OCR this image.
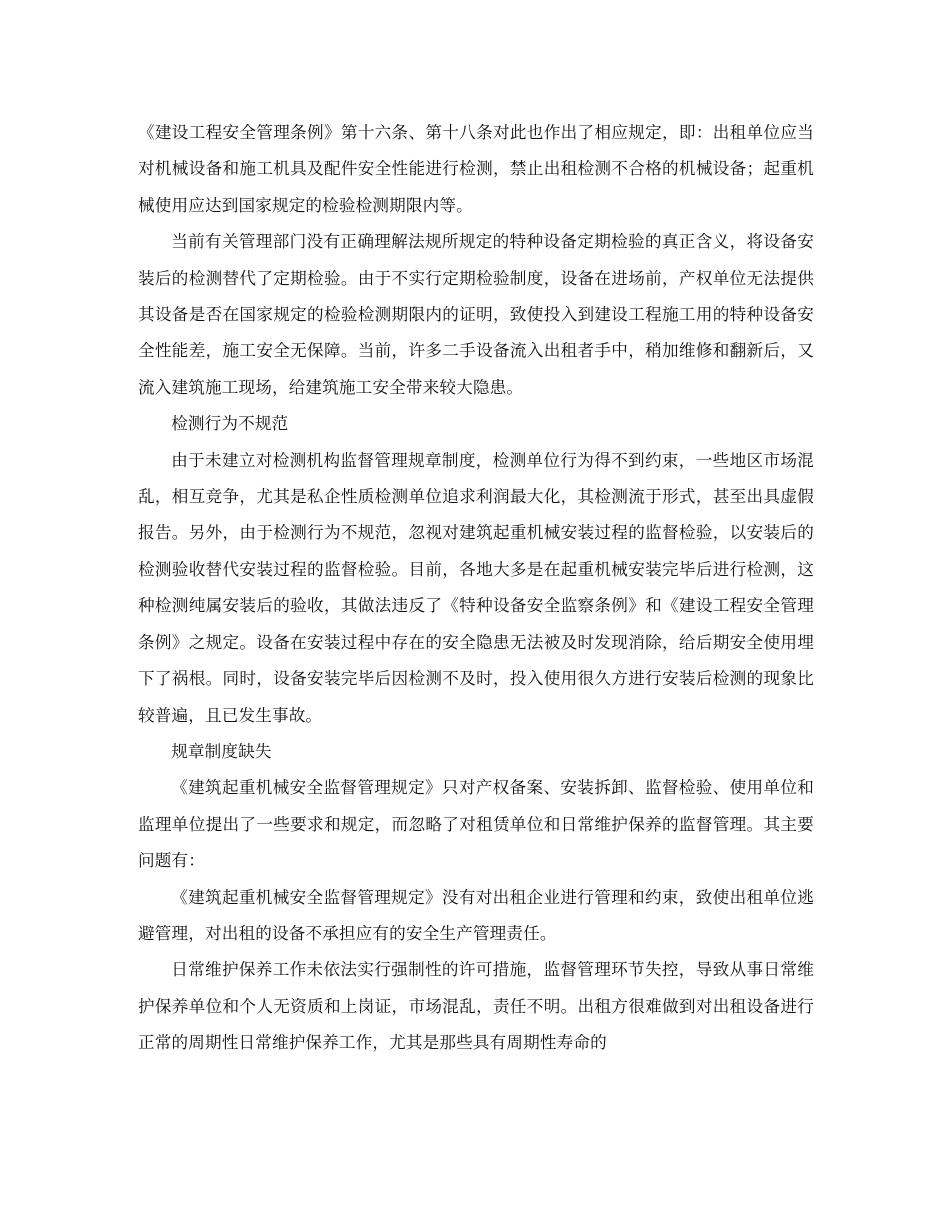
《建设工程安全管理条例》第十六条、第十八条对此也作出了相应规定，即：出租单位应当对机械设备和施工机具及配件安全性能进行检测，禁止出租检测不合格的机械设备；起重机械使用应达到国家规定的检验检测期限内等。

当前有关管理部门没有正确理解法规所规定的特种设备定期检验的真正含义，将设备安装后的检测替代了定期检验。由于不实行定期检验制度，设备在进场前，产权单位无法提供其设备是否在国家规定的检验检测期限内的证明，致使投入到建设工程施工用的特种设备安全性能差，施工安全无保障。当前，许多二手设备流入出租者手中，稍加维修和翻新后，又流入建筑施工现场，给建筑施工安全带来较大隐患。

检测行为不规范

由于未建立对检测机构监督管理规章制度，检测单位行为得不到约束，一些地区市场混乱，相互竞争，尤其是私企性质检测单位追求利润最大化，其检测流于形式，甚至出具虚假报告。另外，由于检测行为不规范，忽视对建筑起重机械安装过程的监督检验，以安装后的检测验收替代安装过程的监督检验。目前，各地大多是在起重机械安装完毕后进行检测，这种检测纯属安装后的验收，其做法违反了《特种设备安全监察条例》和《建设工程安全管理条例》之规定。设备在安装过程中存在的安全隐患无法被及时发现消除，给后期安全使用埋下了祸根。同时，设备安装完毕后因检测不及时，投入使用很久方进行安装后检测的现象比较普遍，且已发生事故。

规章制度缺失

《建筑起重机械安全监督管理规定》只对产权备案、安装拆卸、监督检验、使用单位和监理单位提出了一些要求和规定，而忽略了对租赁单位和日常维护保养的监督管理。其主要问题有：

《建筑起重机械安全监督管理规定》没有对出租企业进行管理和约束，致使出租单位逃避管理，对出租的设备不承担应有的安全生产管理责任。

日常维护保养工作未依法实行强制性的许可措施，监督管理环节失控，导致从事日常维护保养单位和个人无资质和上岗证，市场混乱，责任不明。出租方很难做到对出租设备进行正常的周期性日常维护保养工作，尤其是那些具有周期性寿命的
